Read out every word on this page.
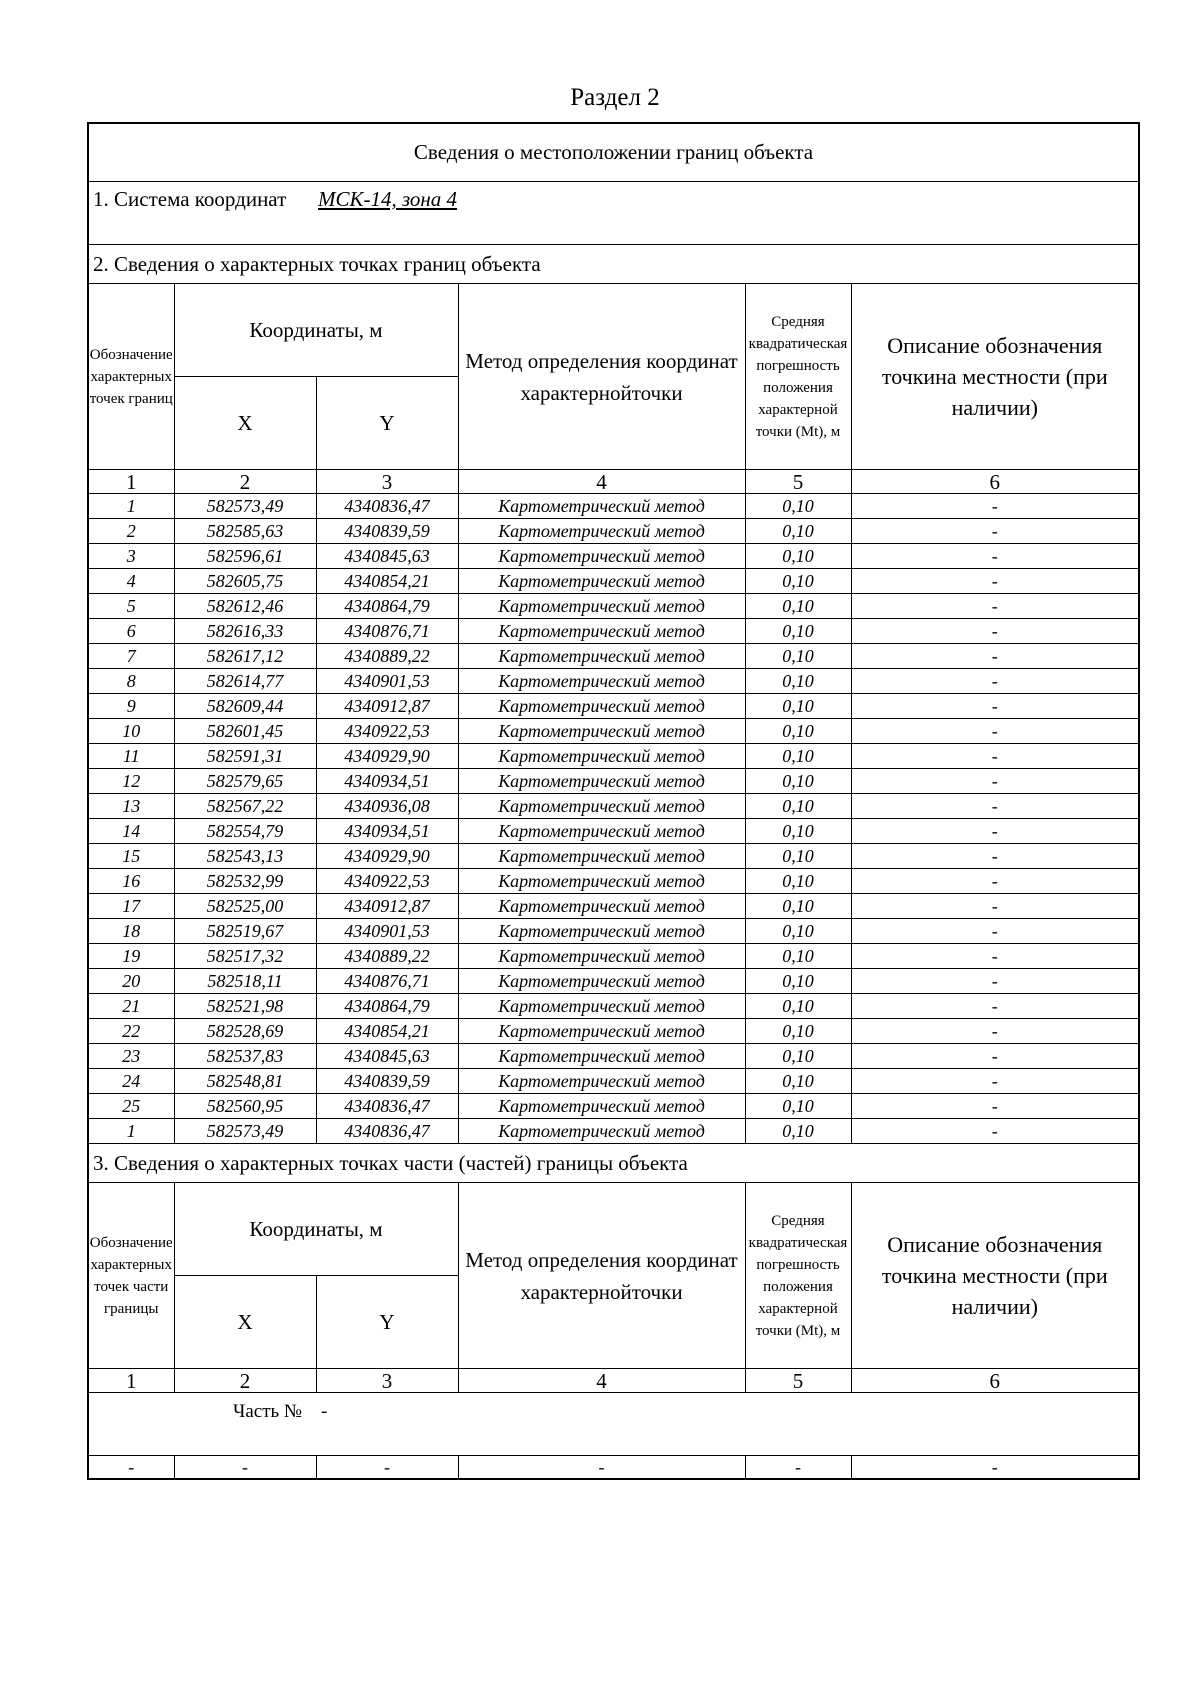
Раздел 2
Сведения о местоположении границ объекта					

1. Система координат МСК-14, зона 4					

2. Сведения о характерных точках границ объекта					
Обозначение характерных точек границ	Координаты, м		Метод определения координат характернойточки	Средняя квадратическая погрешность положения характерной точки (Mt), м	Описание обозначения точкина местности (при наличии)
	X	Y			
1	2	3	4	5	6
1	582573,49	4340836,47	Картометрический метод	0,10	-
2	582585,63	4340839,59	Картометрический метод	0,10	-
3	582596,61	4340845,63	Картометрический метод	0,10	-
4	582605,75	4340854,21	Картометрический метод	0,10	-
5	582612,46	4340864,79	Картометрический метод	0,10	-
6	582616,33	4340876,71	Картометрический метод	0,10	-
7	582617,12	4340889,22	Картометрический метод	0,10	-
8	582614,77	4340901,53	Картометрический метод	0,10	-
9	582609,44	4340912,87	Картометрический метод	0,10	-
10	582601,45	4340922,53	Картометрический метод	0,10	-
11	582591,31	4340929,90	Картометрический метод	0,10	-
12	582579,65	4340934,51	Картометрический метод	0,10	-
13	582567,22	4340936,08	Картометрический метод	0,10	-
14	582554,79	4340934,51	Картометрический метод	0,10	-
15	582543,13	4340929,90	Картометрический метод	0,10	-
16	582532,99	4340922,53	Картометрический метод	0,10	-
17	582525,00	4340912,87	Картометрический метод	0,10	-
18	582519,67	4340901,53	Картометрический метод	0,10	-
19	582517,32	4340889,22	Картометрический метод	0,10	-
20	582518,11	4340876,71	Картометрический метод	0,10	-
21	582521,98	4340864,79	Картометрический метод	0,10	-
22	582528,69	4340854,21	Картометрический метод	0,10	-
23	582537,83	4340845,63	Картометрический метод	0,10	-
24	582548,81	4340839,59	Картометрический метод	0,10	-
25	582560,95	4340836,47	Картометрический метод	0,10	-
1	582573,49	4340836,47	Картометрический метод	0,10	-
3. Сведения о характерных точках части (частей) границы объекта					
Обозначение характерных точек части границы	Координаты, м		Метод определения координат характернойточки	Средняя квадратическая погрешность положения характерной точки (Mt), м	Описание обозначения точкина местности (при наличии)
	X	Y			
1	2	3	4	5	6

Часть № -					

-	-	-	-	-	-
